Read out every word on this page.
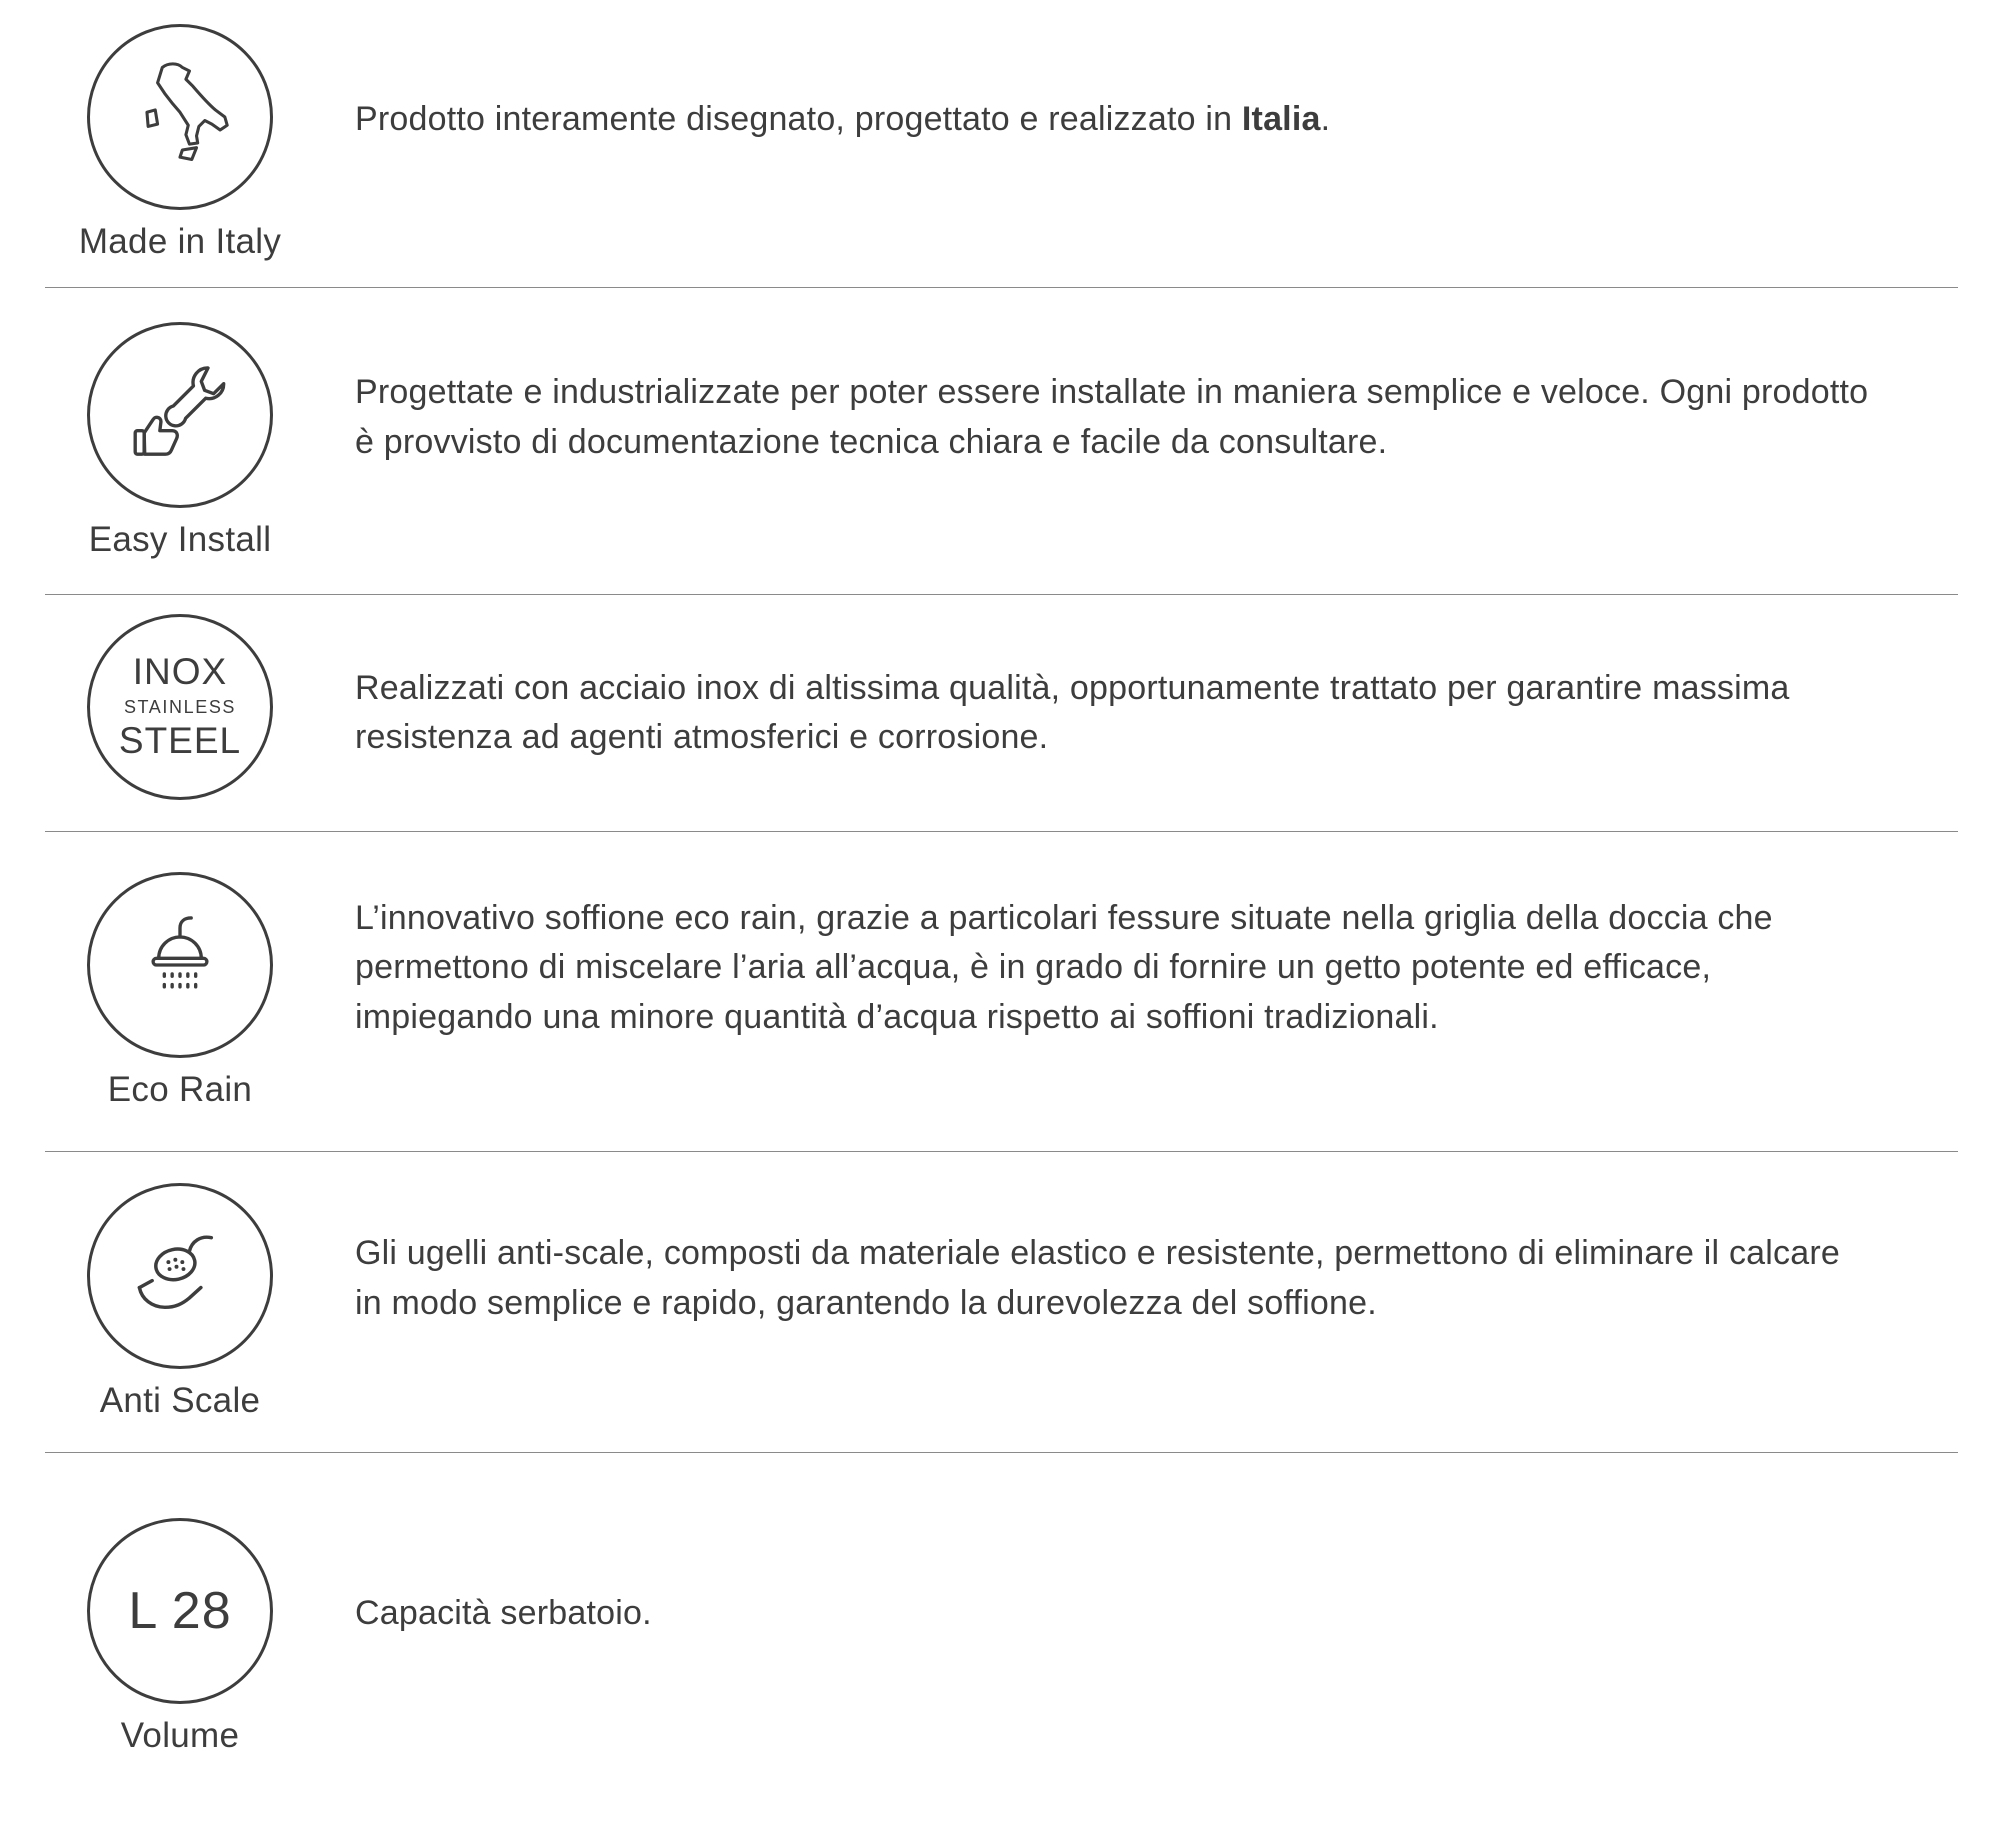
Made in Italy

Prodotto interamente disegnato, progettato e realizzato in Italia.

Easy Install

Progettate e industrializzate per poter essere installate in maniera semplice e veloce. Ogni prodotto è provvisto di documentazione tecnica chiara e facile da consultare.

INOX
STAINLESS
STEEL

Realizzati con acciaio inox di altissima qualità, opportunamente trattato per garantire massima resistenza ad agenti atmosferici e corrosione.

Eco Rain

L’innovativo soffione eco rain, grazie a particolari fessure situate nella griglia della doccia che permettono di miscelare l’aria all’acqua, è in grado di fornire un getto potente ed efficace, impiegando una minore quantità d’acqua rispetto ai soffioni tradizionali.

Anti Scale

Gli ugelli anti-scale, composti da materiale elastico e resistente, permettono di eliminare il calcare in modo semplice e rapido, garantendo la durevolezza del soffione.

L 28
Volume

Capacità serbatoio.
